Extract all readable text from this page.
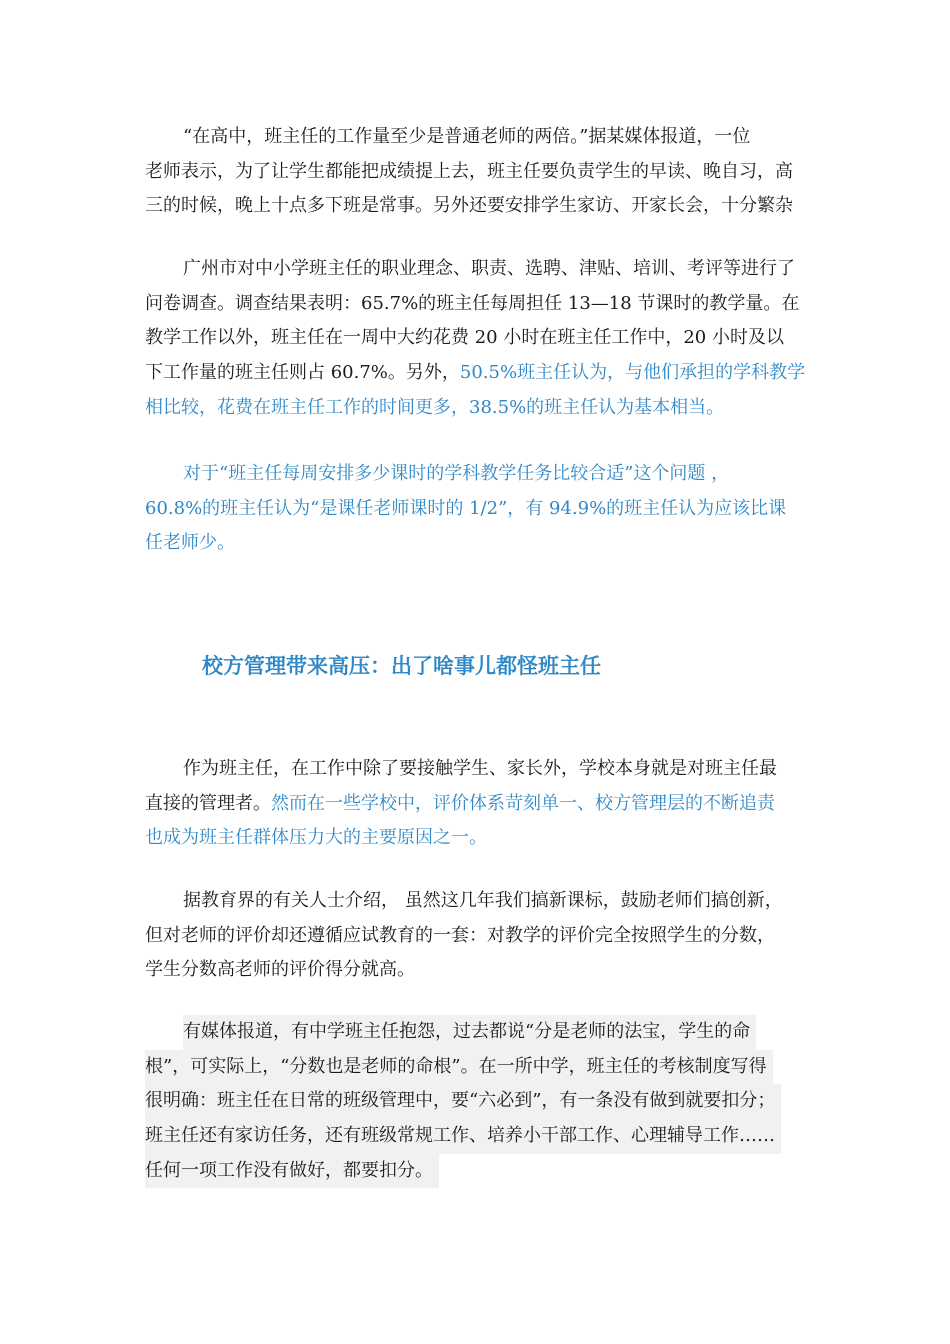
“在高中，班主任的工作量至少是普通老师的两倍。”据某媒体报道，一位
老师表示，为了让学生都能把成绩提上去，班主任要负责学生的早读、晚自习，高
三的时候，晚上十点多下班是常事。另外还要安排学生家访、开家长会，十分繁杂
广州市对中小学班主任的职业理念、职责、选聘、津贴、培训、考评等进行了
问卷调查。调查结果表明：65.7%的班主任每周担任 13—18 节课时的教学量。在
教学工作以外，班主任在一周中大约花费 20 小时在班主任工作中，20 小时及以
下工作量的班主任则占 60.7%。另外，50.5%班主任认为，与他们承担的学科教学
相比较，花费在班主任工作的时间更多，38.5%的班主任认为基本相当。
对于“班主任每周安排多少课时的学科教学任务比较合适”这个问题 ，
60.8%的班主任认为“是课任老师课时的 1/2”，有 94.9%的班主任认为应该比课
任老师少。
校方管理带来高压：出了啥事儿都怪班主任
作为班主任，在工作中除了要接触学生、家长外，学校本身就是对班主任最
直接的管理者。然而在一些学校中，评价体系苛刻单一、校方管理层的不断追责
也成为班主任群体压力大的主要原因之一。
据教育界的有关人士介绍， 虽然这几年我们搞新课标，鼓励老师们搞创新，
但对老师的评价却还遵循应试教育的一套：对教学的评价完全按照学生的分数，
学生分数高老师的评价得分就高。
有媒体报道，有中学班主任抱怨，过去都说“分是老师的法宝，学生的命
根”，可实际上，“分数也是老师的命根”。在一所中学，班主任的考核制度写得
很明确：班主任在日常的班级管理中，要“六必到”，有一条没有做到就要扣分；
班主任还有家访任务，还有班级常规工作、培养小干部工作、心理辅导工作……
任何一项工作没有做好，都要扣分。
